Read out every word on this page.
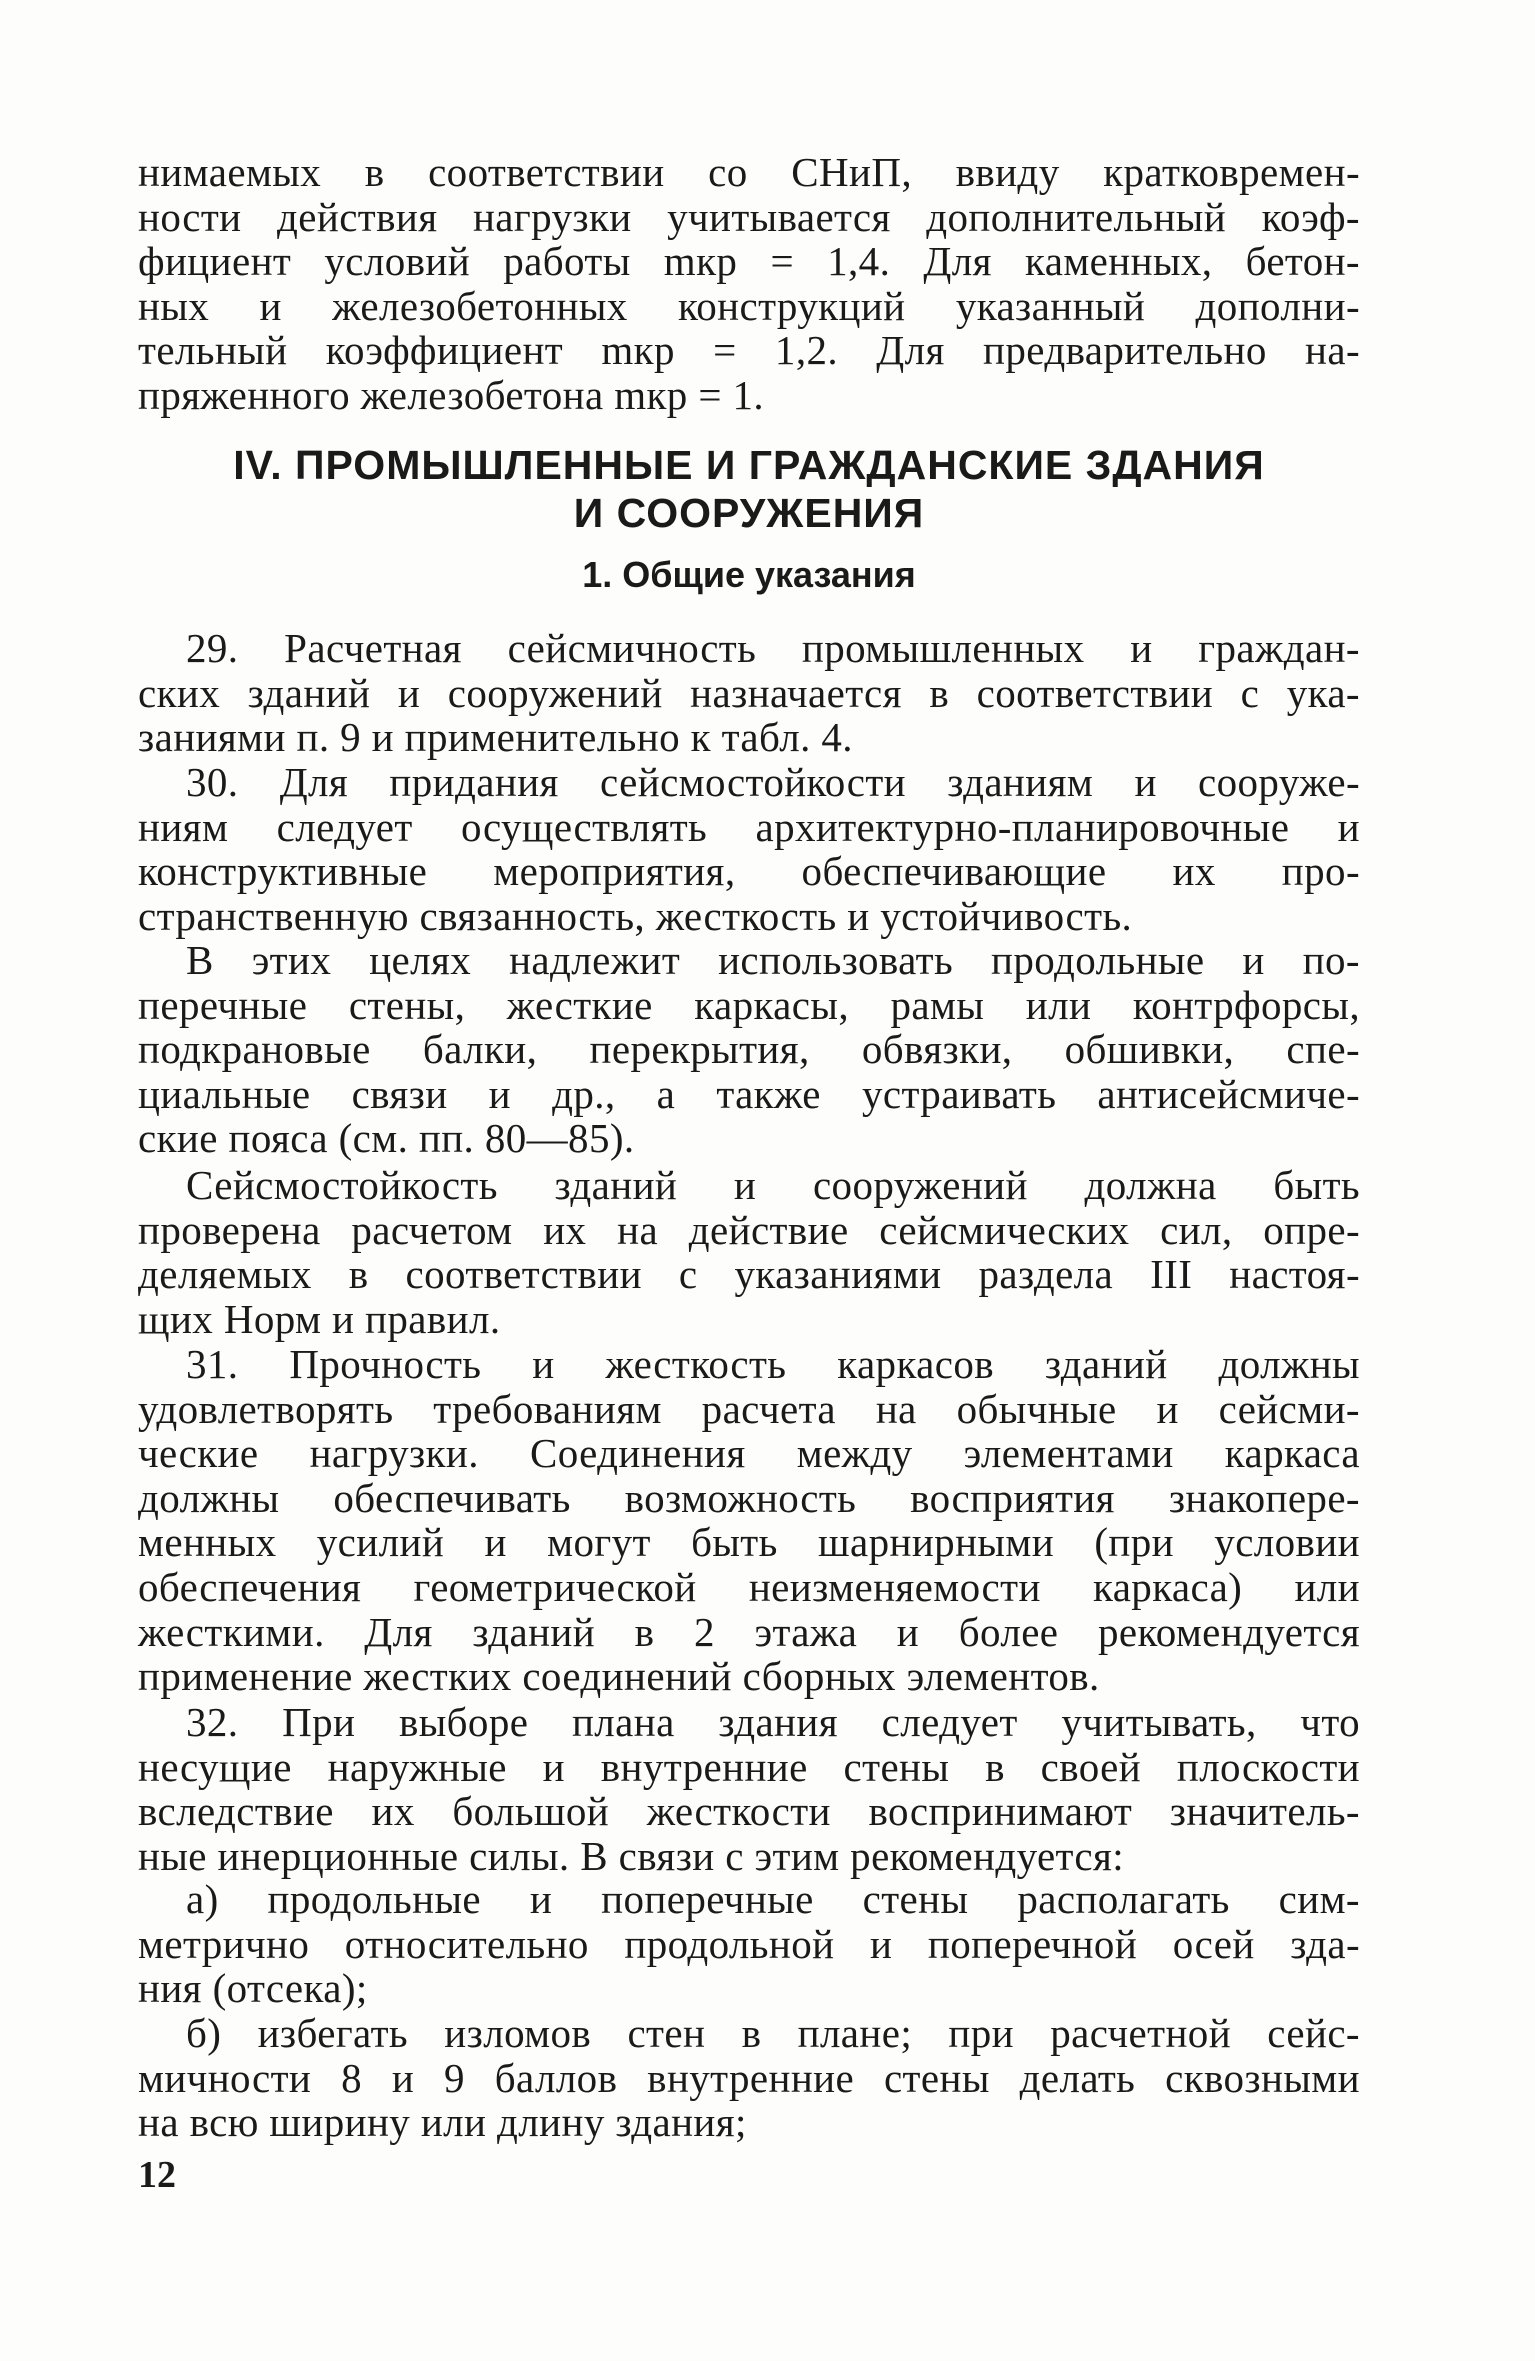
нимаемых в соответствии со СНиП, ввиду кратковремен-
ности действия нагрузки учитывается дополнительный коэф-
фициент условий работы mкр = 1,4. Для каменных, бетон-
ных и железобетонных конструкций указанный дополни-
тельный коэффициент mкр = 1,2. Для предварительно на-
пряженного железобетона mкр = 1.
IV. ПРОМЫШЛЕННЫЕ И ГРАЖДАНСКИЕ ЗДАНИЯ
И СООРУЖЕНИЯ
1. Общие указания
29. Расчетная сейсмичность промышленных и граждан-
ских зданий и сооружений назначается в соответствии с ука-
заниями п. 9 и применительно к табл. 4.
30. Для придания сейсмостойкости зданиям и сооруже-
ниям следует осуществлять архитектурно-планировочные и
конструктивные мероприятия, обеспечивающие их про-
странственную связанность, жесткость и устойчивость.
В этих целях надлежит использовать продольные и по-
перечные стены, жесткие каркасы, рамы или контрфорсы,
подкрановые балки, перекрытия, обвязки, обшивки, спе-
циальные связи и др., а также устраивать антисейсмиче-
ские пояса (см. пп. 80—85).
Сейсмостойкость зданий и сооружений должна быть
проверена расчетом их на действие сейсмических сил, опре-
деляемых в соответствии с указаниями раздела III настоя-
щих Норм и правил.
31. Прочность и жесткость каркасов зданий должны
удовлетворять требованиям расчета на обычные и сейсми-
ческие нагрузки. Соединения между элементами каркаса
должны обеспечивать возможность восприятия знакопере-
менных усилий и могут быть шарнирными (при условии
обеспечения геометрической неизменяемости каркаса) или
жесткими. Для зданий в 2 этажа и более рекомендуется
применение жестких соединений сборных элементов.
32. При выборе плана здания следует учитывать, что
несущие наружные и внутренние стены в своей плоскости
вследствие их большой жесткости воспринимают значитель-
ные инерционные силы. В связи с этим рекомендуется:
а) продольные и поперечные стены располагать сим-
метрично относительно продольной и поперечной осей зда-
ния (отсека);
б) избегать изломов стен в плане; при расчетной сейс-
мичности 8 и 9 баллов внутренние стены делать сквозными
на всю ширину или длину здания;
12
